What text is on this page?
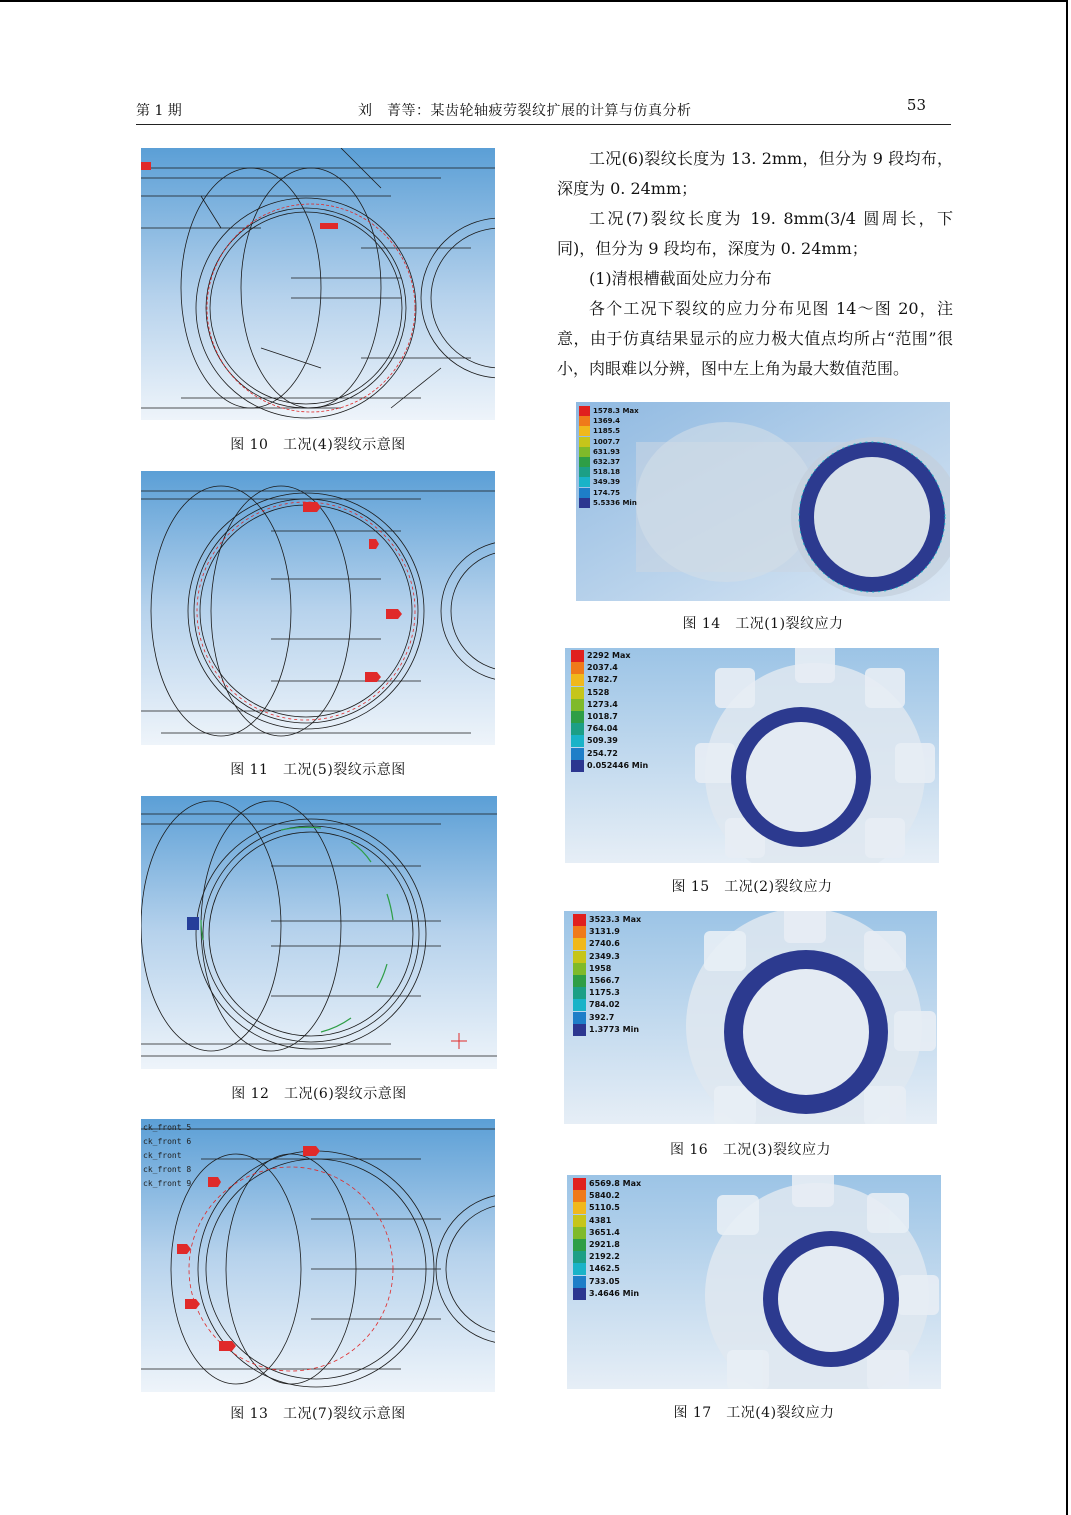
第 1 期	刘　菁等：某齿轮轴疲劳裂纹扩展的计算与仿真分析	53
图 10　工况(4)裂纹示意图
图 11　工况(5)裂纹示意图
图 12　工况(6)裂纹示意图
ck_front 5
ck_front 6
ck_front
ck_front 8
ck_front 9
图 13　工况(7)裂纹示意图

工况(6)裂纹长度为 13. 2mm，但分为 9 段均布，深度为 0. 24mm；

工况(7)裂纹长度为 19. 8mm(3/4 圆周长，下同)，但分为 9 段均布，深度为 0. 24mm；

(1)清根槽截面处应力分布

各个工况下裂纹的应力分布见图 14～图 20，注意，由于仿真结果显示的应力极大值点均所占“范围”很小，肉眼难以分辨，图中左上角为最大数值范围。

1578.3 Max
1369.4
1185.5
1007.7
631.93
632.37
518.18
349.39
174.75
5.5336 Min
图 14　工况(1)裂纹应力
2292 Max
2037.4
1782.7
1528
1273.4
1018.7
764.04
509.39
254.72
0.052446 Min
图 15　工况(2)裂纹应力
3523.3 Max
3131.9
2740.6
2349.3
1958
1566.7
1175.3
784.02
392.7
1.3773 Min
图 16　工况(3)裂纹应力
6569.8 Max
5840.2
5110.5
4381
3651.4
2921.8
2192.2
1462.5
733.05
3.4646 Min
图 17　工况(4)裂纹应力
